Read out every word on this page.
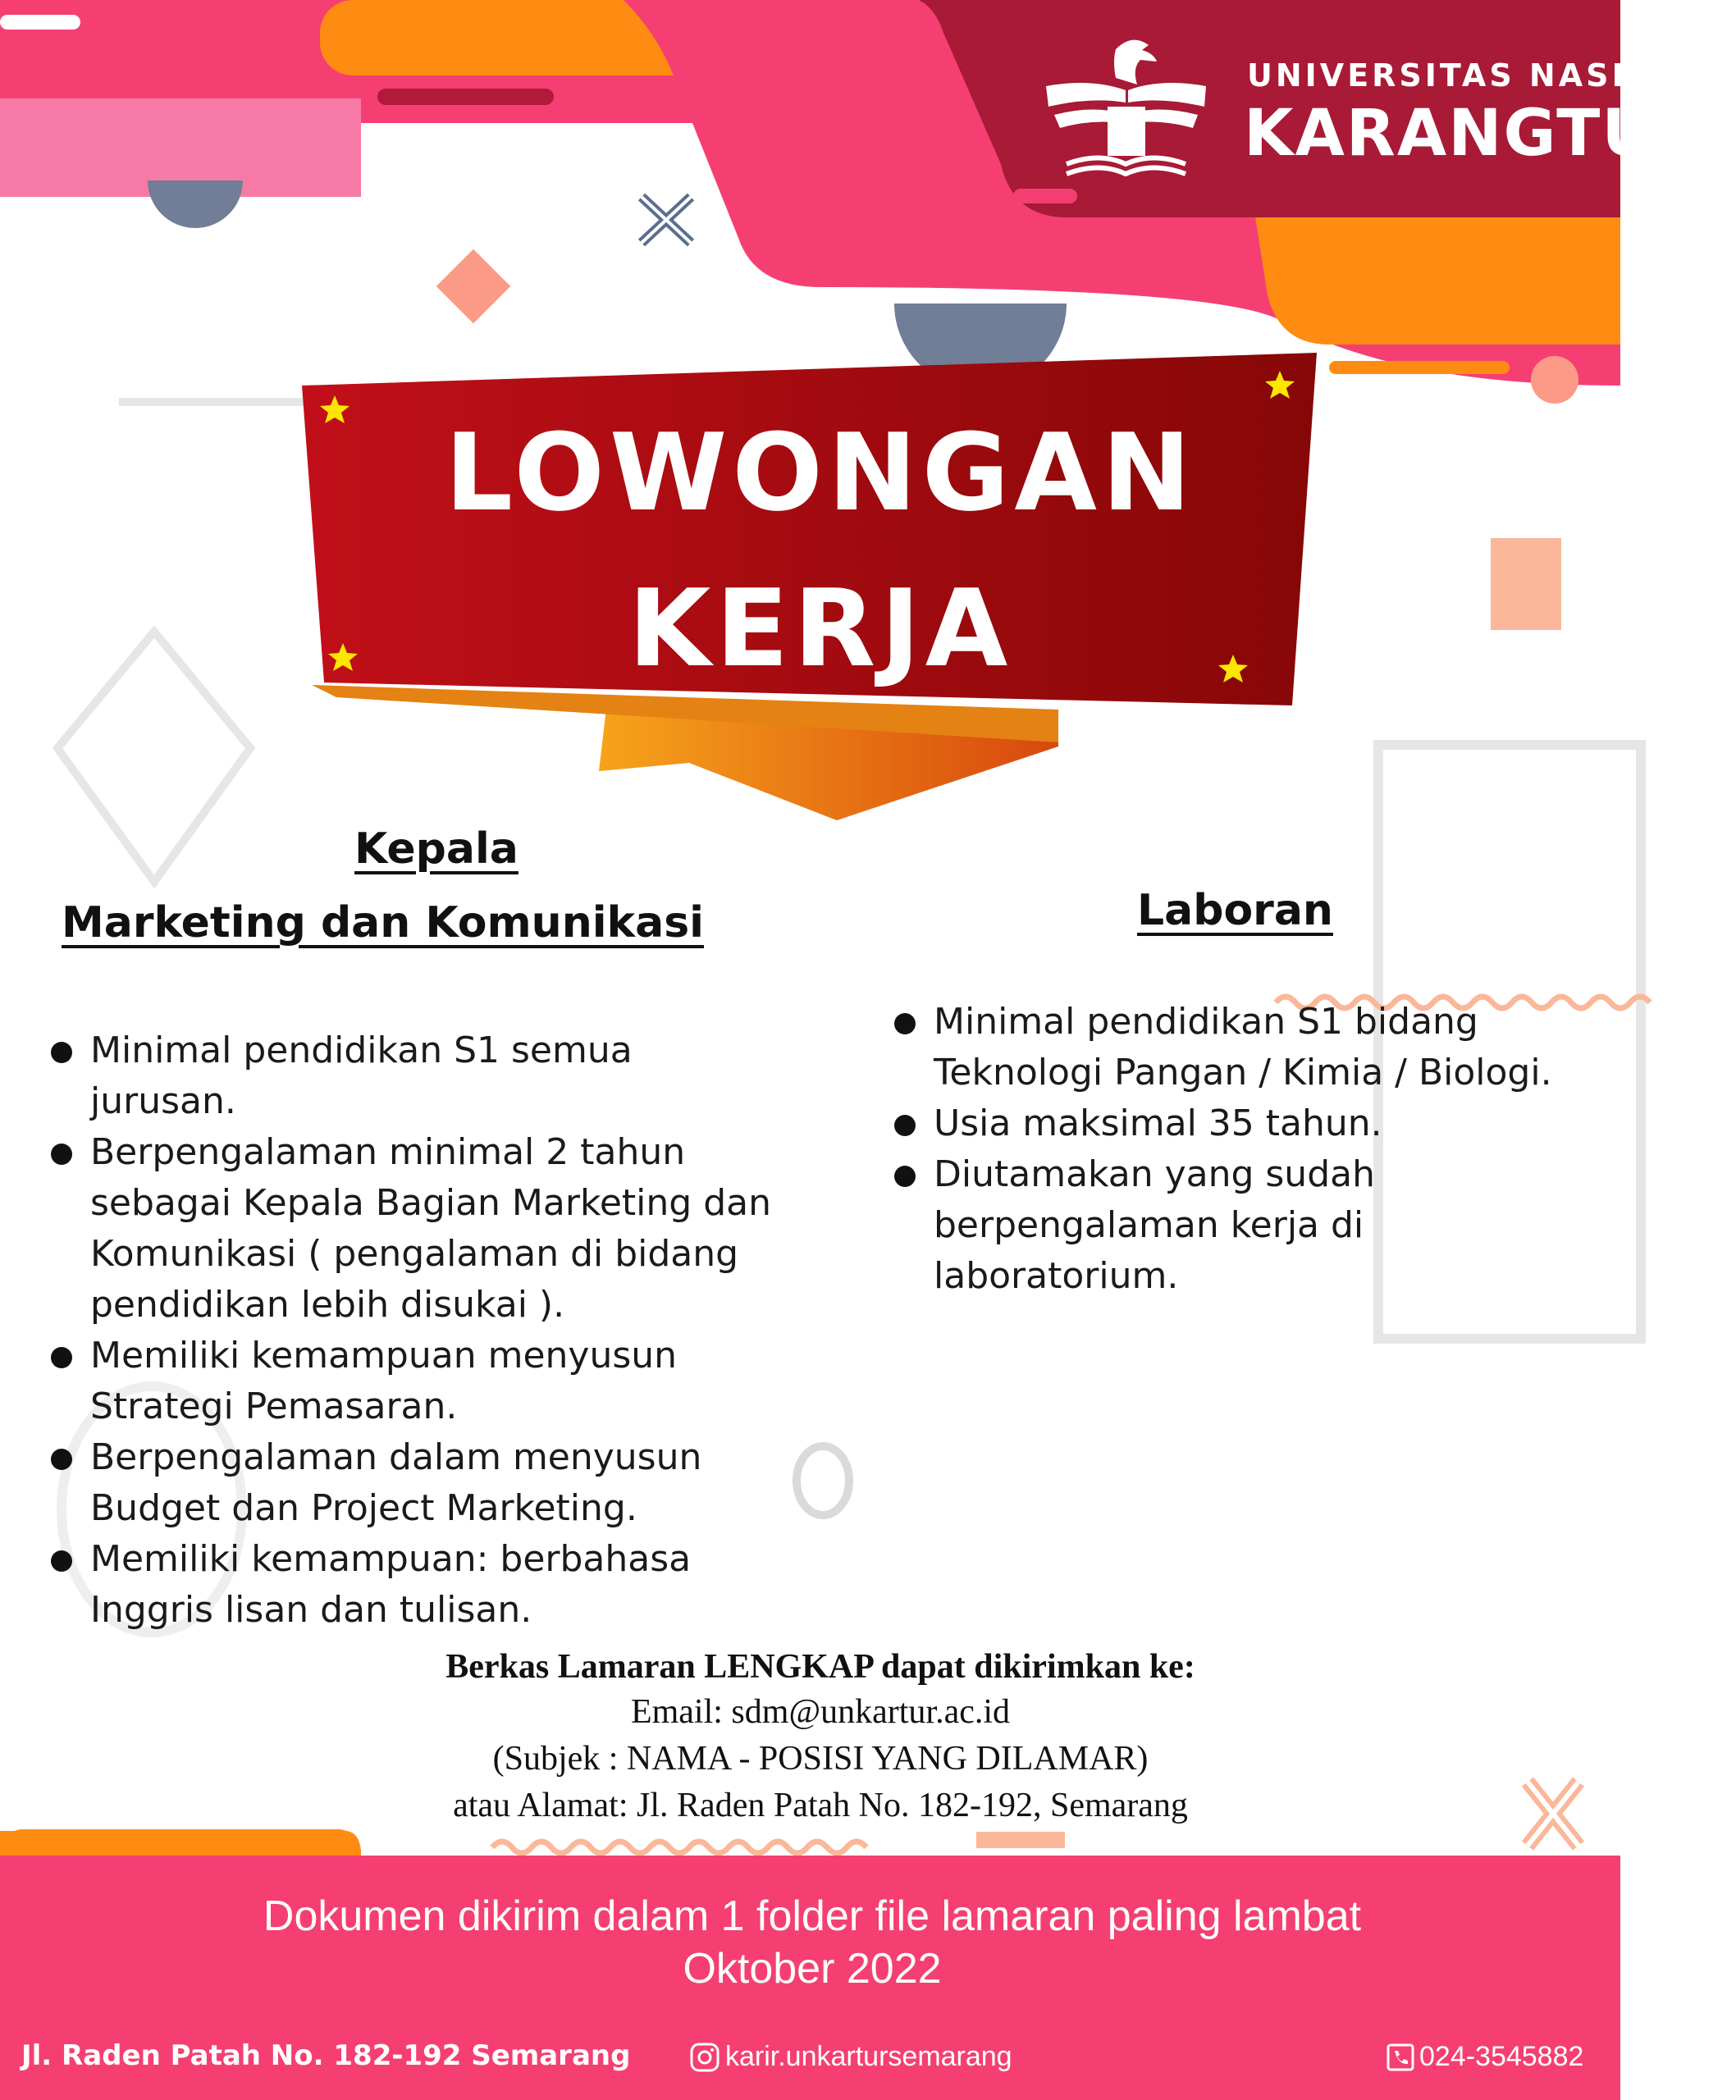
UNIVERSITAS NASIONAL
KARANGTURI
LOWONGAN
KERJA
Kepala
Marketing dan Komunikasi
Minimal pendidikan S1 semua
jurusan.
Berpengalaman minimal 2 tahun
sebagai Kepala Bagian Marketing dan
Komunikasi ( pengalaman di bidang
pendidikan lebih disukai ).
Memiliki kemampuan menyusun
Strategi Pemasaran.
Berpengalaman dalam menyusun
Budget dan Project Marketing.
Memiliki kemampuan: berbahasa
Inggris lisan dan tulisan.
Laboran
Minimal pendidikan S1 bidang
Teknologi Pangan / Kimia / Biologi.
Usia maksimal 35 tahun.
Diutamakan yang sudah
berpengalaman kerja di
laboratorium.
Berkas Lamaran LENGKAP dapat dikirimkan ke:
Email: sdm@unkartur.ac.id
(Subjek : NAMA - POSISI YANG DILAMAR)
atau Alamat: Jl. Raden Patah No. 182-192, Semarang
Dokumen dikirim dalam 1 folder file lamaran paling lambat
Oktober 2022
Jl. Raden Patah No. 182-192 Semarang	karir.unkartursemarang	024-3545882
